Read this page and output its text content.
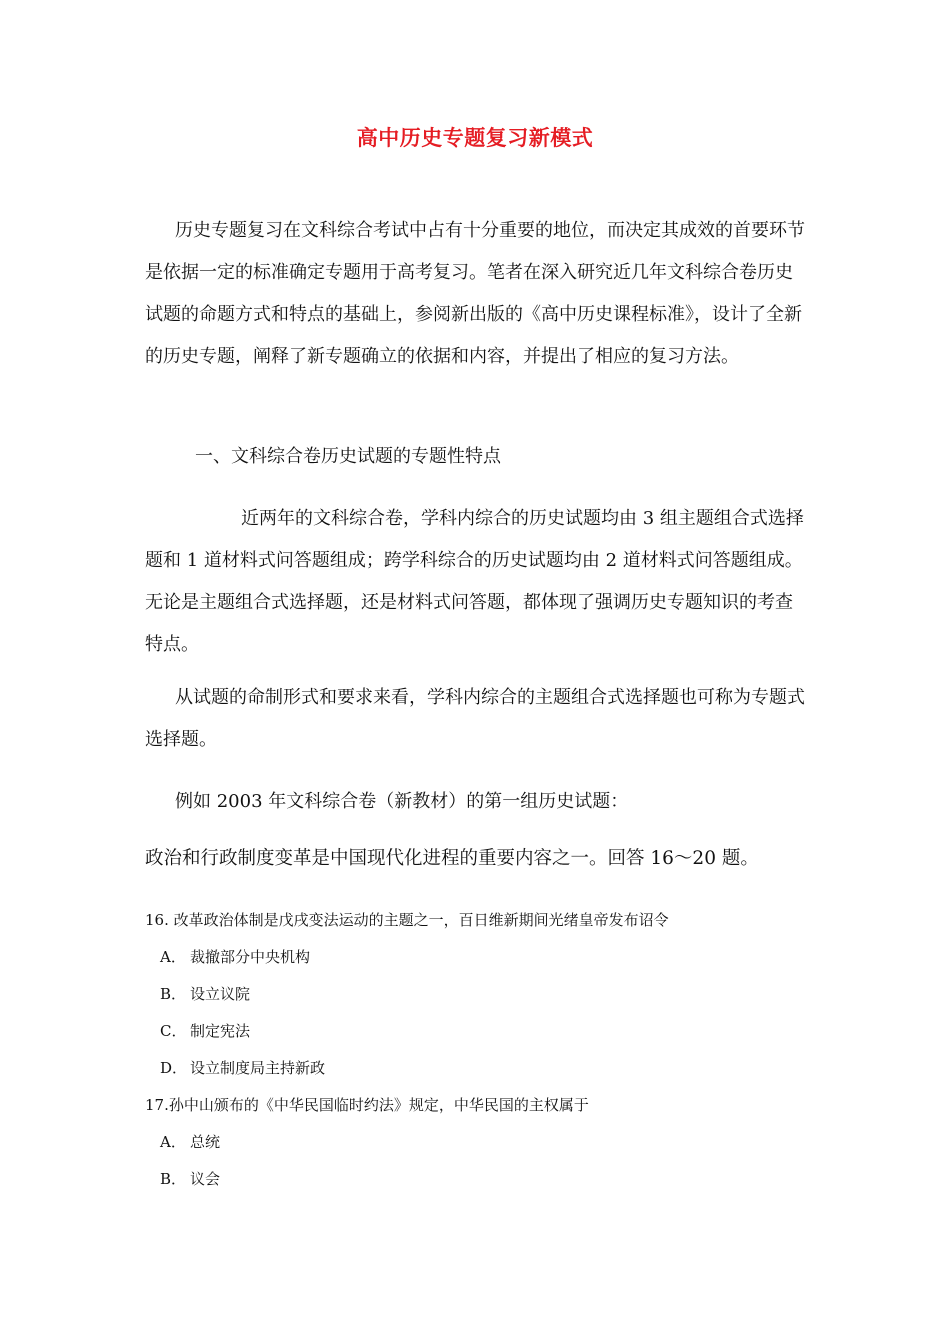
高中历史专题复习新模式

历史专题复习在文科综合考试中占有十分重要的地位，而决定其成效的首要环节是依据一定的标准确定专题用于高考复习。笔者在深入研究近几年文科综合卷历史试题的命题方式和特点的基础上，参阅新出版的《高中历史课程标准》，设计了全新的历史专题，阐释了新专题确立的依据和内容，并提出了相应的复习方法。

一、文科综合卷历史试题的专题性特点

近两年的文科综合卷，学科内综合的历史试题均由 3 组主题组合式选择题和 1 道材料式问答题组成；跨学科综合的历史试题均由 2 道材料式问答题组成。无论是主题组合式选择题，还是材料式问答题，都体现了强调历史专题知识的考查特点。

从试题的命制形式和要求来看，学科内综合的主题组合式选择题也可称为专题式选择题。

例如 2003 年文科综合卷（新教材）的第一组历史试题：

政治和行政制度变革是中国现代化进程的重要内容之一。回答 16～20 题。

16. 改革政治体制是戊戌变法运动的主题之一，百日维新期间光绪皇帝发布诏令

A． 裁撤部分中央机构

B． 设立议院

C． 制定宪法

D． 设立制度局主持新政

17.孙中山颁布的《中华民国临时约法》规定，中华民国的主权属于

A． 总统

B． 议会
